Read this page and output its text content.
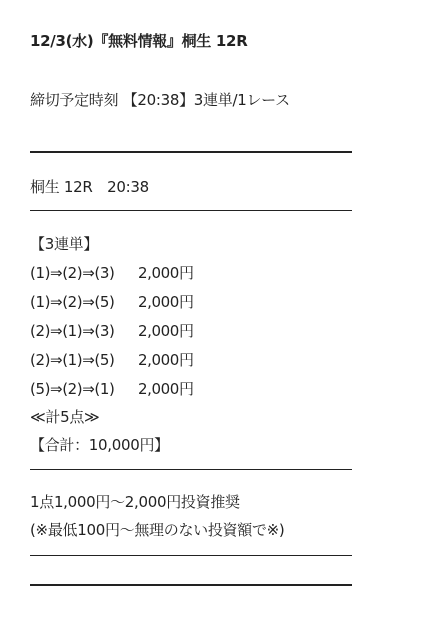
12/3(水)『無料情報』桐生 12R
締切予定時刻 【20:38】3連単/1レース
桐生 12R　20:38
【3連単】
(1)⇒(2)⇒(3) 2,000円
(1)⇒(2)⇒(5) 2,000円
(2)⇒(1)⇒(3) 2,000円
(2)⇒(1)⇒(5) 2,000円
(5)⇒(2)⇒(1) 2,000円
≪計5点≫
【合計：10,000円】
1点1,000円～2,000円投資推奨
(※最低100円～無理のない投資額で※)
